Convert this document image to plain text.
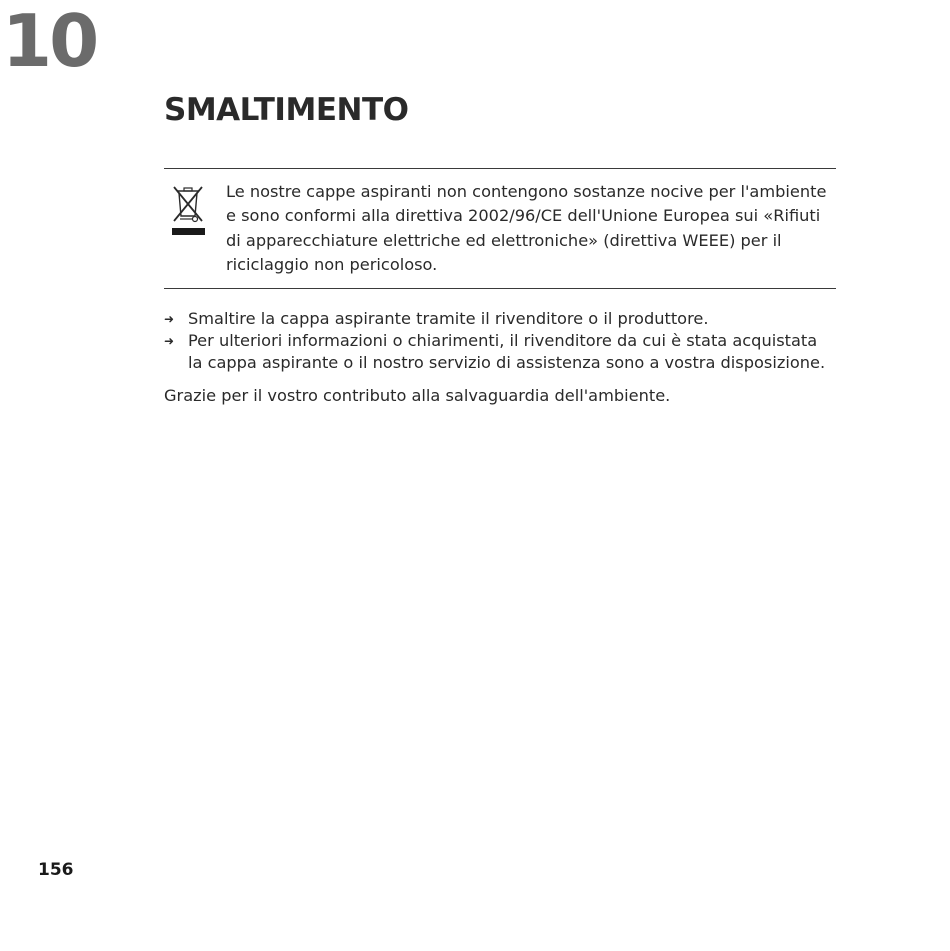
10
SMALTIMENTO

Le nostre cappe aspiranti non contengono sostanze nocive per l'ambiente e sono conformi alla direttiva 2002/96/CE dell'Unione Europea sui «Rifiuti di apparecchiature elettriche ed elettroniche» (direttiva WEEE) per il riciclaggio non pericoloso.

➜ Smaltire la cappa aspirante tramite il rivenditore o il produttore.
➜ Per ulteriori informazioni o chiarimenti, il rivenditore da cui è stata acquistata la cappa aspirante o il nostro servizio di assistenza sono a vostra disposizione.

Grazie per il vostro contributo alla salvaguardia dell'ambiente.

156
